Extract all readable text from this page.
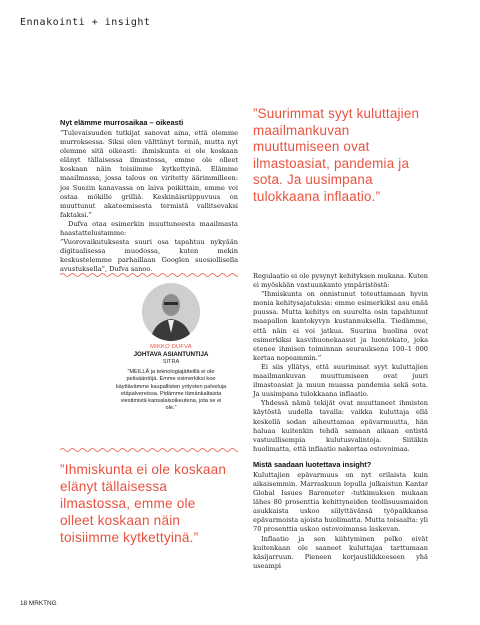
Ennakointi + insight
Nyt elämme murrosaikaa – oikeasti

”Tulevaisuuden tutkijat sanovat aina, että olemme murroksessa. Siksi olen välttänyt termiä, mutta nyt olemme sitä oikeasti: ihmiskunta ei ole koskaan elänyt tällaisessa ilmastossa, emme ole olleet koskaan näin toisiimme kytkettyinä. Elämme maailmassa, jossa talous on viritetty äärimmilleen: jos Suezin kanavassa on laiva poikittain, emme voi ostaa mökille grilliä. Keskinäisriippuvuus on muuttunut akateemisesta termistä vallitsevaksi faktaksi.”

Dufva otaa esimerkin muuttuneesta maailmasta haastattelustamme:

”Vuorovaikutuksesta suuri osa tapahtuu nykyään digitaalisessa muodossa, kuten mekin keskustelemme parhaillaan Googlen suosiollisella avustuksella”, Dufva sanoo.

”Suurimmat syyt kuluttajien maailmankuvan muuttumiseen ovat ilmastoasiat, pandemia ja sota. Ja uusimpana tulokkaana inflaatio.”
MIKKO DUFVA
JOHTAVA ASIANTUNTIJA
SITRA
”MEILLÄ ja teknologiajätteillä ei ole pelisääntöjä. Emme esimerkiksi koe käyttävämme kaupallisten yritysten palveluja etäpalvereissa. Pidämme tämänkaltaista viestimistä kansalaisoikeutena, jota se ei ole.”
”Ihmiskunta ei ole koskaan elänyt tällaisessa ilmastossa, emme ole olleet koskaan näin toisiimme kytkettyinä.”

Regulaatio ei ole pysynyt kehityksen mukana. Kuten ei myöskään vastuunkanto ympäristöstä:

”Ihmiskunta on onnistunut toteuttamaan hyvin monia kehitysajatuksia: emme esimerkiksi asu enää puussa. Mutta kehitys on suurelta osin tapahtunut maapallon kantokyvyn kustannuksella. Tiedämme, että näin ei voi jatkua. Suurina huolina ovat esimerkiksi kasvihuonekaasut ja luontokato, joka etenee ihmisen toiminnan seurauksena 100–1 000 kertaa nopeammin.”

Ei siis yllätys, että suurimmat syyt kuluttajien maailmankuvan muuttumiseen ovat juuri ilmastoasiat ja muun muassa pandemia sekä sota. Ja uusimpana tulokkaana inflaatio.

Yhdessä nämä tekijät ovat muuttaneet ihmisten käytöstä uudella tavalla: vaikka kuluttaja ellä keskellä sodan aiheuttamaa epävarmuutta, hän haluaa kuitenkin tehdä samaan aikaan entistä vastuullisempia kulutusvalintoja. Siitäkin huolimatta, että inflaatio nakertaa ostovoimaa.

Mistä saadaan luotettava insight?

Kuluttajien epävarmuus on nyt erilaista kuin aikaisemmin. Marraskuun lopulla julkaistun Kantar Global Issues Barometer -tutkimuksen mukaan lähes 80 prosenttia kehittyneiden teollisuusmaiden asukkaista uskoo siilyttävänsä työpaikkansa epävarmoista ajoista huolimatta. Mutta toisaalta: yli 70 prosenttia uskoo ostovoimansa laskevan.

Inflaatio ja sen kiihtyminen pelko eivät kuitenkaan ole saaneet kuluttajaa tarttumaan käsijarruun. Pieneen korjausliikkeeseen yhä useampi

18 MRKTNG
